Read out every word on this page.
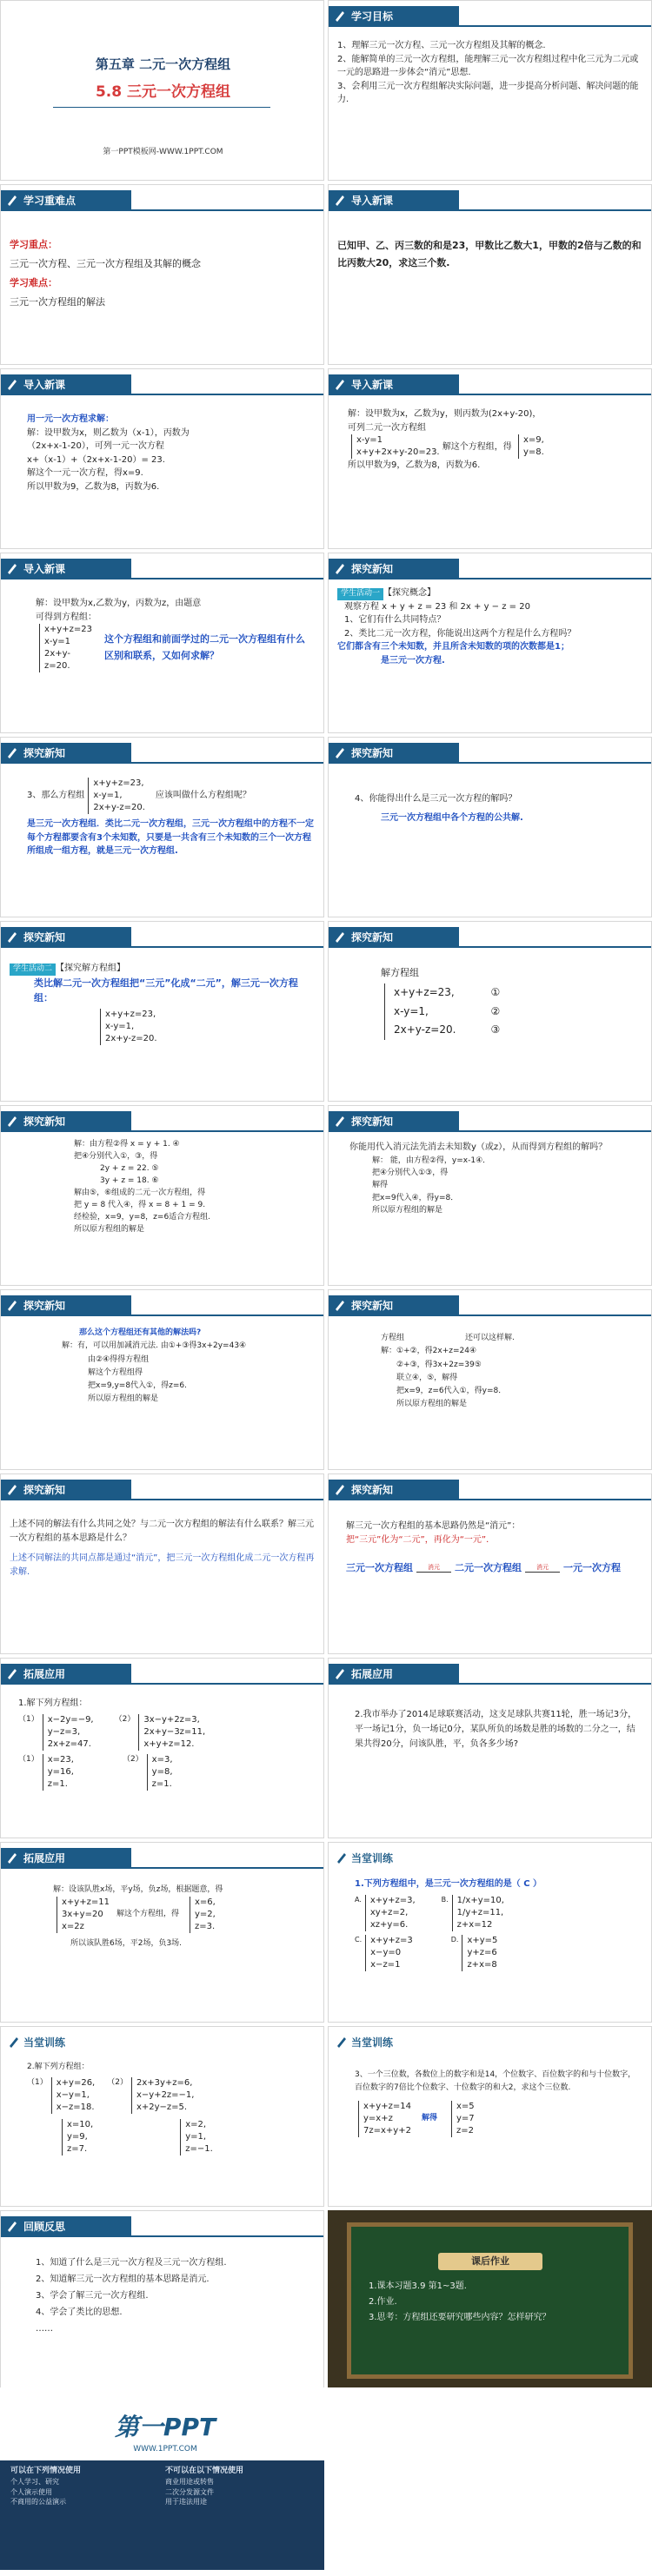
第五章 二元一次方程组
5.8 三元一次方程组
第一PPT模板网-WWW.1PPT.COM
学习目标
1、理解三元一次方程、三元一次方程组及其解的概念.
2、能解简单的三元一次方程组，能理解三元一次方程组过程中化三元为二元或一元的思路进一步体会“消元”思想.
3、会利用三元一次方程组解决实际问题，进一步提高分析问题、解决问题的能力.
学习重难点
学习重点：
三元一次方程、三元一次方程组及其解的概念
学习难点：
三元一次方程组的解法
导入新课
已知甲、乙、丙三数的和是23，甲数比乙数大1，甲数的2倍与乙数的和比丙数大20，求这三个数.
导入新课
用一元一次方程求解：
解：设甲数为x，则乙数为（x-1），丙数为
（2x+x-1-20），可列一元一次方程
x+（x-1）+（2x+x-1-20）= 23.
解这个一元一次方程，得x=9.
所以甲数为9，乙数为8，丙数为6.
导入新课
解：设甲数为x，乙数为y，则丙数为(2x+y-20)，
可列二元一次方程组
x-y=1
x+y+2x+y-20=23. 解这个方程组，得 x=9,
y=8.
所以甲数为9，乙数为8，丙数为6.
导入新课
解：设甲数为x,乙数为y，丙数为z，由题意
可得到方程组：
x+y+z=23
x-y=1
2x+y-z=20.
这个方程组和前面学过的二元一次方程组有什么区别和联系，又如何求解？
探究新知
学生活动一 【探究概念】
观察方程 x + y + z = 23 和 2x + y − z = 20
1、它们有什么共同特点？
2、类比二元一次方程，你能说出这两个方程是什么方程吗？
它们都含有三个未知数，并且所含未知数的项的次数都是1；
是三元一次方程.
探究新知
3、那么方程组
x+y+z=23,
x-y=1,
2x+y-z=20.
应该叫做什么方程组呢？
是三元一次方程组．类比二元一次方程组，三元一次方程组中的方程不一定每个方程都要含有3个未知数，只要是一共含有三个未知数的三个一次方程所组成一组方程，就是三元一次方程组.
探究新知
4、你能得出什么是三元一次方程的解吗？
三元一次方程组中各个方程的公共解.
探究新知
学生活动二 【探究解方程组】
类比解二元一次方程组把“三元”化成“二元”，解三元一次方程组：
x+y+z=23,
x-y=1,
2x+y-z=20.
探究新知
解方程组
x+y+z=23,
x-y=1,
2x+y-z=20.
①
②
③
探究新知
解：由方程②得 x = y + 1. ④
把④分别代入①，③，得
2y + z = 22. ⑤
3y + z = 18. ⑥
解由⑤，⑥组成的二元一次方程组，得
把 y = 8 代入④，得 x = 8 + 1 = 9.
经检验，x=9，y=8，z=6适合方程组.
所以原方程组的解是
探究新知
你能用代入消元法先消去未知数y（或z），从而得到方程组的解吗？
解： 能，由方程②得，y=x-1④．
把④分别代入①③，得
解得
把x=9代入④，得y=8．
所以原方程组的解是
探究新知
那么这个方程组还有其他的解法吗?
解：有，可以用加减消元法. 由①+③得3x+2y=43④
由②④得得方程组
解这个方程组得
把x=9,y=8代入①，得z=6.
所以原方程组的解是
探究新知
方程组	还可以这样解.
解：①+②，得2x+z=24④
②+③，得3x+2z=39⑤
联立④，⑤，解得
把x=9，z=6代入①，得y=8．
所以原方程组的解是
探究新知
上述不同的解法有什么共同之处？与二元一次方程组的解法有什么联系？解三元一次方程组的基本思路是什么？
上述不同解法的共同点都是通过“消元”，把三元一次方程组化成二元一次方程再求解.
探究新知
解三元一次方程组的基本思路仍然是“消元”：
把“三元”化为“二元”，再化为“一元”．
三元一次方程组	消元	二元一次方程组	消元	一元一次方程
拓展应用
1.解下列方程组：
（1）	x−2y=−9,
y−z=3,
2x+z=47.
（2）	3x−y+2z=3,
2x+y−3z=11,
x+y+z=12.
（1）	x=23,
y=16,
z=1.
（2）	x=3,
y=8,
z=1.
拓展应用
2.我市举办了2014足球联赛活动，这支足球队共赛11轮，胜一场记3分，平一场记1分，负一场记0分，某队所负的场数是胜的场数的二分之一，结果共得20分，问该队胜，平，负各多少场?
拓展应用
解：设该队胜x场，平y场，负z场，根据题意，得
x+y+z=11
3x+y=20
x=2z
解这个方程组，得
x=6,
y=2,
z=3.
所以该队胜6场，平2场，负3场.
当堂训练
1.下列方程组中，是三元一次方程组的是（ C ）
A.	x+y+z=3,
xy+z=2,
xz+y=6.
B.	1/x+y=10,
1/y+z=11,
z+x=12
C.	x+y+z=3
x−y=0
x−z=1
D.	x+y=5
y+z=6
z+x=8
当堂训练
2.解下列方程组：
（1）	x+y=26,
x−y=1,
x−z=18.
（2）	2x+3y+z=6,
x−y+2z=−1,
x+2y−z=5.
x=10,
y=9,
z=7.
x=2,
y=1,
z=−1.
当堂训练
3、一个三位数，各数位上的数字和是14，个位数字、百位数字的和与十位数字，百位数字的7倍比个位数字、十位数字的和大2，求这个三位数.
x+y+z=14
y=x+z
7z=x+y+2
解得
x=5
y=7
z=2
回顾反思
1、知道了什么是三元一次方程及三元一次方程组.
2、知道解三元一次方程组的基本思路是消元.
3、学会了解三元一次方程组.
4、学会了类比的思想.
……
课后作业
1.课本习题3.9 第1~3题.
2.作业.
3.思考：方程组还要研究哪些内容？怎样研究？
第一PPT
WWW.1PPT.COM
可以在下列情况使用
个人学习、研究
个人演示使用
不商用的公益演示
不可以在以下情况使用
商业用途或转售
二次分发源文件
用于违法用途
